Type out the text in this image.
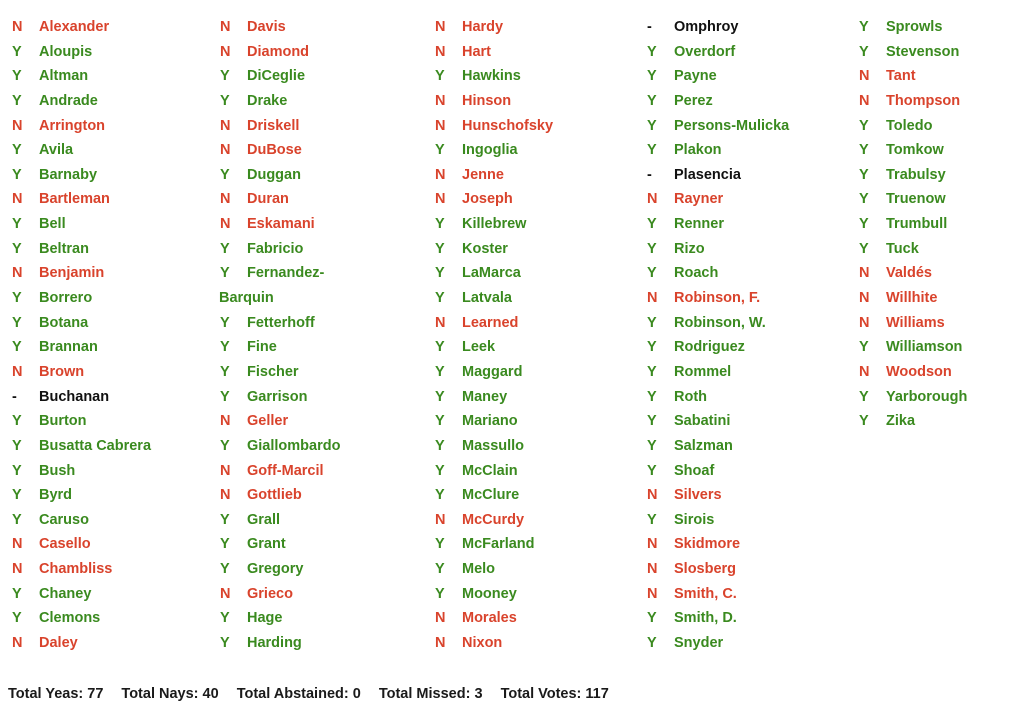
N	Alexander
Y	Aloupis
Y	Altman
Y	Andrade
N	Arrington
Y	Avila
Y	Barnaby
N	Bartleman
Y	Bell
Y	Beltran
N	Benjamin
Y	Borrero
Y	Botana
Y	Brannan
N	Brown
-	Buchanan
Y	Burton
Y	Busatta Cabrera
Y	Bush
Y	Byrd
Y	Caruso
N	Casello
N	Chambliss
Y	Chaney
Y	Clemons
N	Daley
N	Davis
N	Diamond
Y	DiCeglie
Y	Drake
N	Driskell
N	DuBose
Y	Duggan
N	Duran
N	Eskamani
Y	Fabricio
Y	Fernandez-
Barquin
Y	Fetterhoff
Y	Fine
Y	Fischer
Y	Garrison
N	Geller
Y	Giallombardo
N	Goff-Marcil
N	Gottlieb
Y	Grall
Y	Grant
Y	Gregory
N	Grieco
Y	Hage
Y	Harding
N	Hardy
N	Hart
Y	Hawkins
N	Hinson
N	Hunschofsky
Y	Ingoglia
N	Jenne
N	Joseph
Y	Killebrew
Y	Koster
Y	LaMarca
Y	Latvala
N	Learned
Y	Leek
Y	Maggard
Y	Maney
Y	Mariano
Y	Massullo
Y	McClain
Y	McClure
N	McCurdy
Y	McFarland
Y	Melo
Y	Mooney
N	Morales
N	Nixon
-	Omphroy
Y	Overdorf
Y	Payne
Y	Perez
Y	Persons-Mulicka
Y	Plakon
-	Plasencia
N	Rayner
Y	Renner
Y	Rizo
Y	Roach
N	Robinson, F.
Y	Robinson, W.
Y	Rodriguez
Y	Rommel
Y	Roth
Y	Sabatini
Y	Salzman
Y	Shoaf
N	Silvers
Y	Sirois
N	Skidmore
N	Slosberg
N	Smith, C.
Y	Smith, D.
Y	Snyder
Y	Sprowls
Y	Stevenson
N	Tant
N	Thompson
Y	Toledo
Y	Tomkow
Y	Trabulsy
Y	Truenow
Y	Trumbull
Y	Tuck
N	Valdés
N	Willhite
N	Williams
Y	Williamson
N	Woodson
Y	Yarborough
Y	Zika
Total Yeas: 77 Total Nays: 40 Total Abstained: 0 Total Missed: 3 Total Votes: 117
